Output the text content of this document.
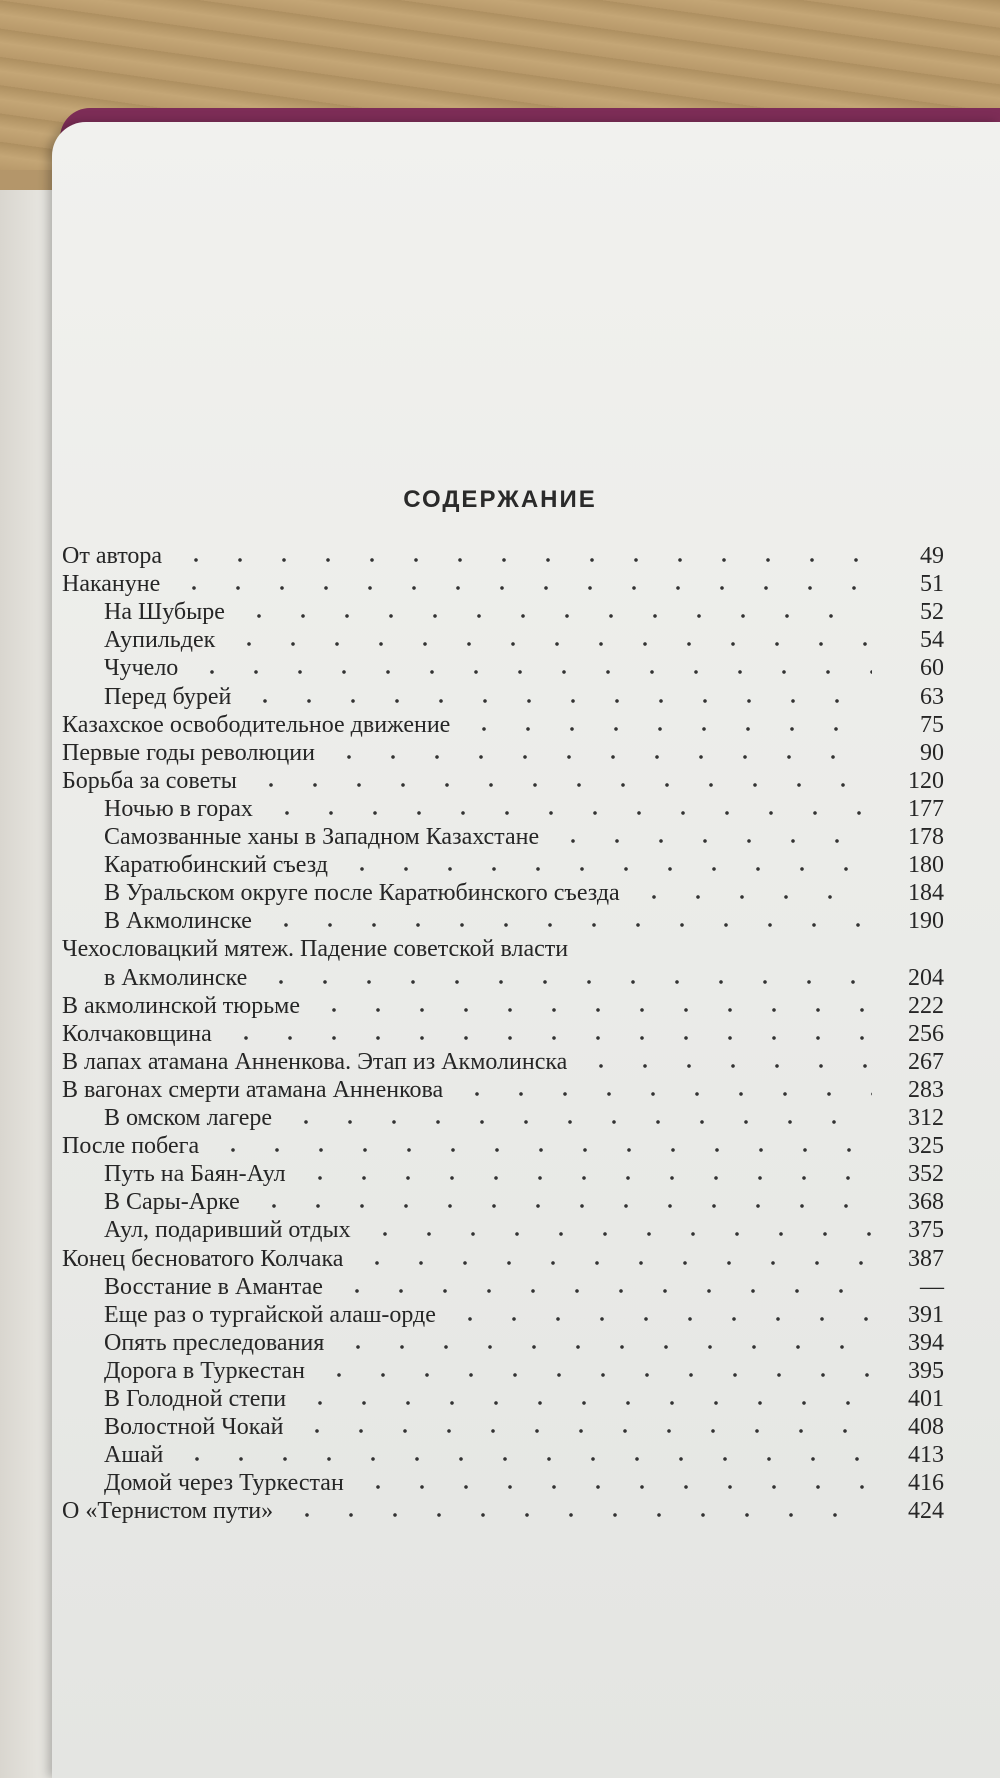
СОДЕРЖАНИЕ
От автора	49
Накануне	51
На Шубыре	52
Аупильдек	54
Чучело	60
Перед бурей	63
Казахское освободительное движение	75
Первые годы революции	90
Борьба за советы	120
Ночью в горах	177
Самозванные ханы в Западном Казахстане	178
Каратюбинский съезд	180
В Уральском округе после Каратюбинского съезда	184
В Акмолинске	190
Чехословацкий мятеж. Падение советской власти
в Акмолинске	204
В акмолинской тюрьме	222
Колчаковщина	256
В лапах атамана Анненкова. Этап из Акмолинска	267
В вагонах смерти атамана Анненкова	283
В омском лагере	312
После побега	325
Путь на Баян-Аул	352
В Сары-Арке	368
Аул, подаривший отдых	375
Конец бесноватого Колчака	387
Восстание в Амантае	—
Еще раз о тургайской алаш-орде	391
Опять преследования	394
Дорога в Туркестан	395
В Голодной степи	401
Волостной Чокай	408
Ашай	413
Домой через Туркестан	416
О «Тернистом пути»	424
